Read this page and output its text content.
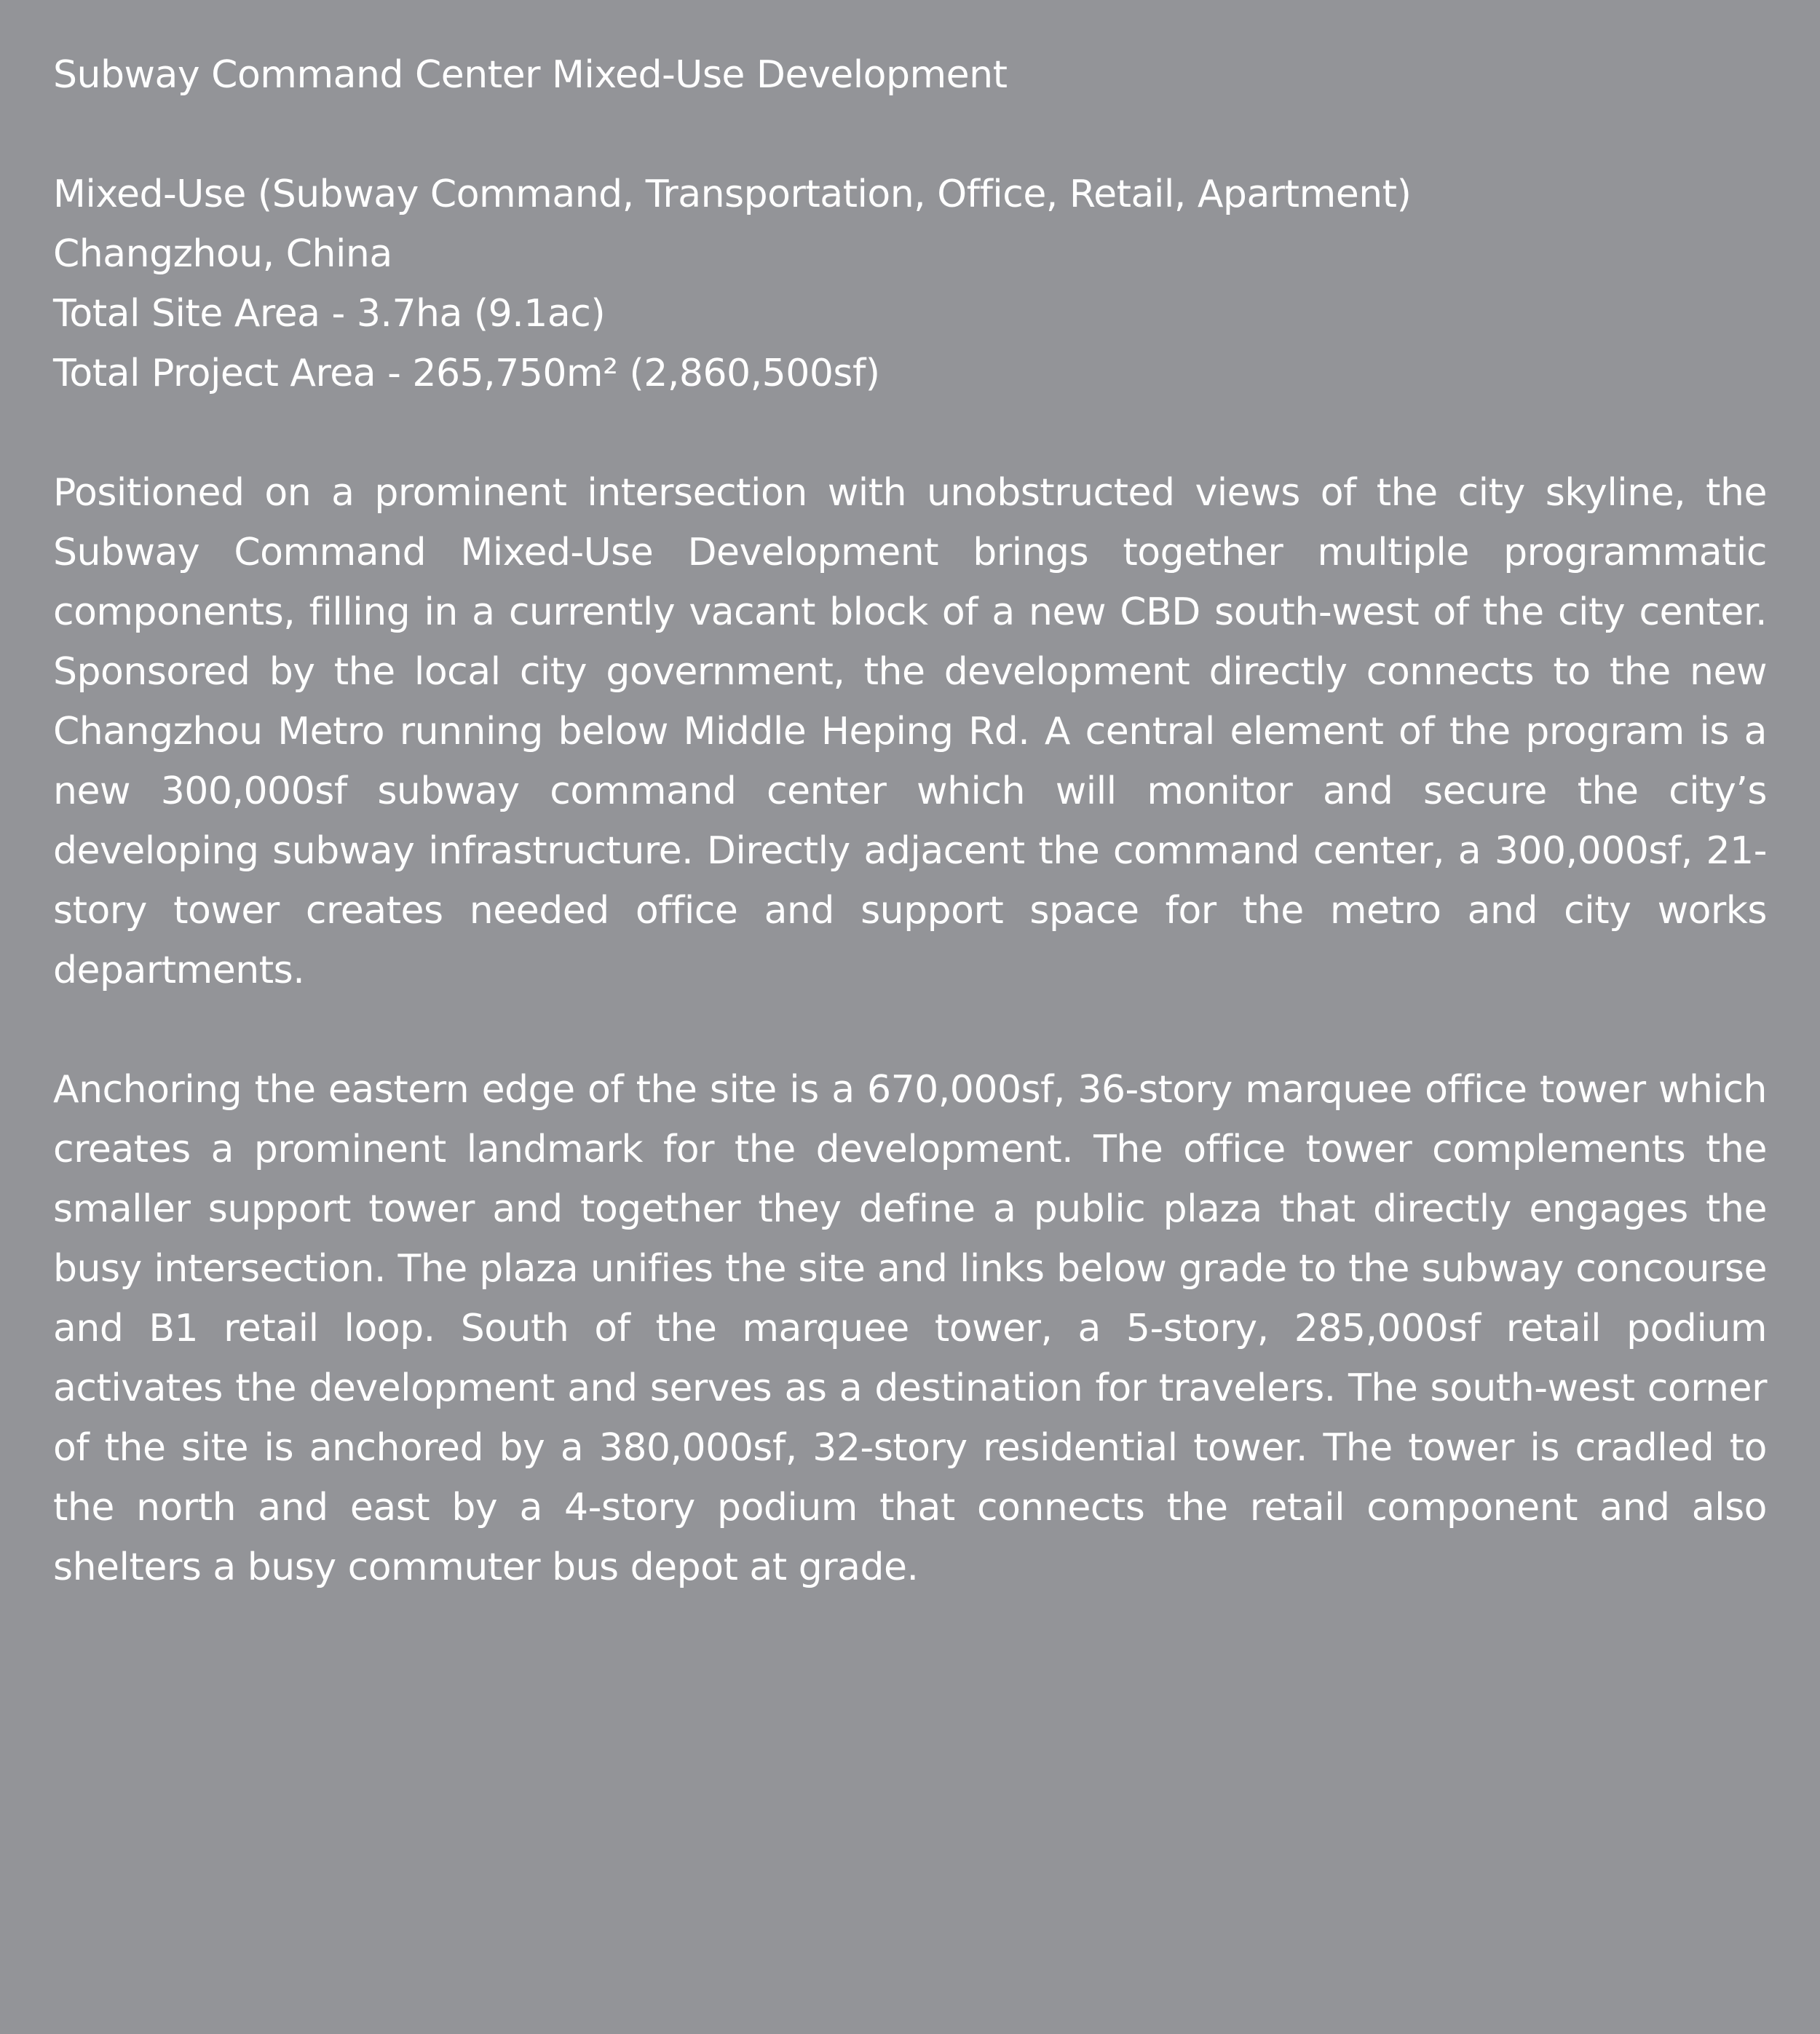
Subway Command Center Mixed-Use Development
Mixed-Use (Subway Command, Transportation, Office, Retail, Apartment)
Changzhou, China
Total Site Area - 3.7ha (9.1ac)
Total Project Area - 265,750m² (2,860,500sf)

Positioned on a prominent intersection with unobstructed views of the city skyline, the Subway Command Mixed-Use Development brings together multiple programmatic components, filling in a currently vacant block of a new CBD south-west of the city center. Sponsored by the local city government, the development directly connects to the new Changzhou Metro running below Middle Heping Rd. A central element of the program is a new 300,000sf subway command center which will monitor and secure the city’s developing subway infrastructure. Directly adjacent the command center, a 300,000sf, 21-story tower creates needed office and support space for the metro and city works departments.

Anchoring the eastern edge of the site is a 670,000sf, 36-story marquee office tower which creates a prominent landmark for the development. The office tower complements the smaller support tower and together they define a public plaza that directly engages the busy intersection. The plaza unifies the site and links below grade to the subway concourse and B1 retail loop. South of the marquee tower, a 5-story, 285,000sf retail podium activates the development and serves as a destination for travelers. The south-west corner of the site is anchored by a 380,000sf, 32-story residential tower. The tower is cradled to the north and east by a 4-story podium that connects the retail component and also shelters a busy commuter bus depot at grade.
